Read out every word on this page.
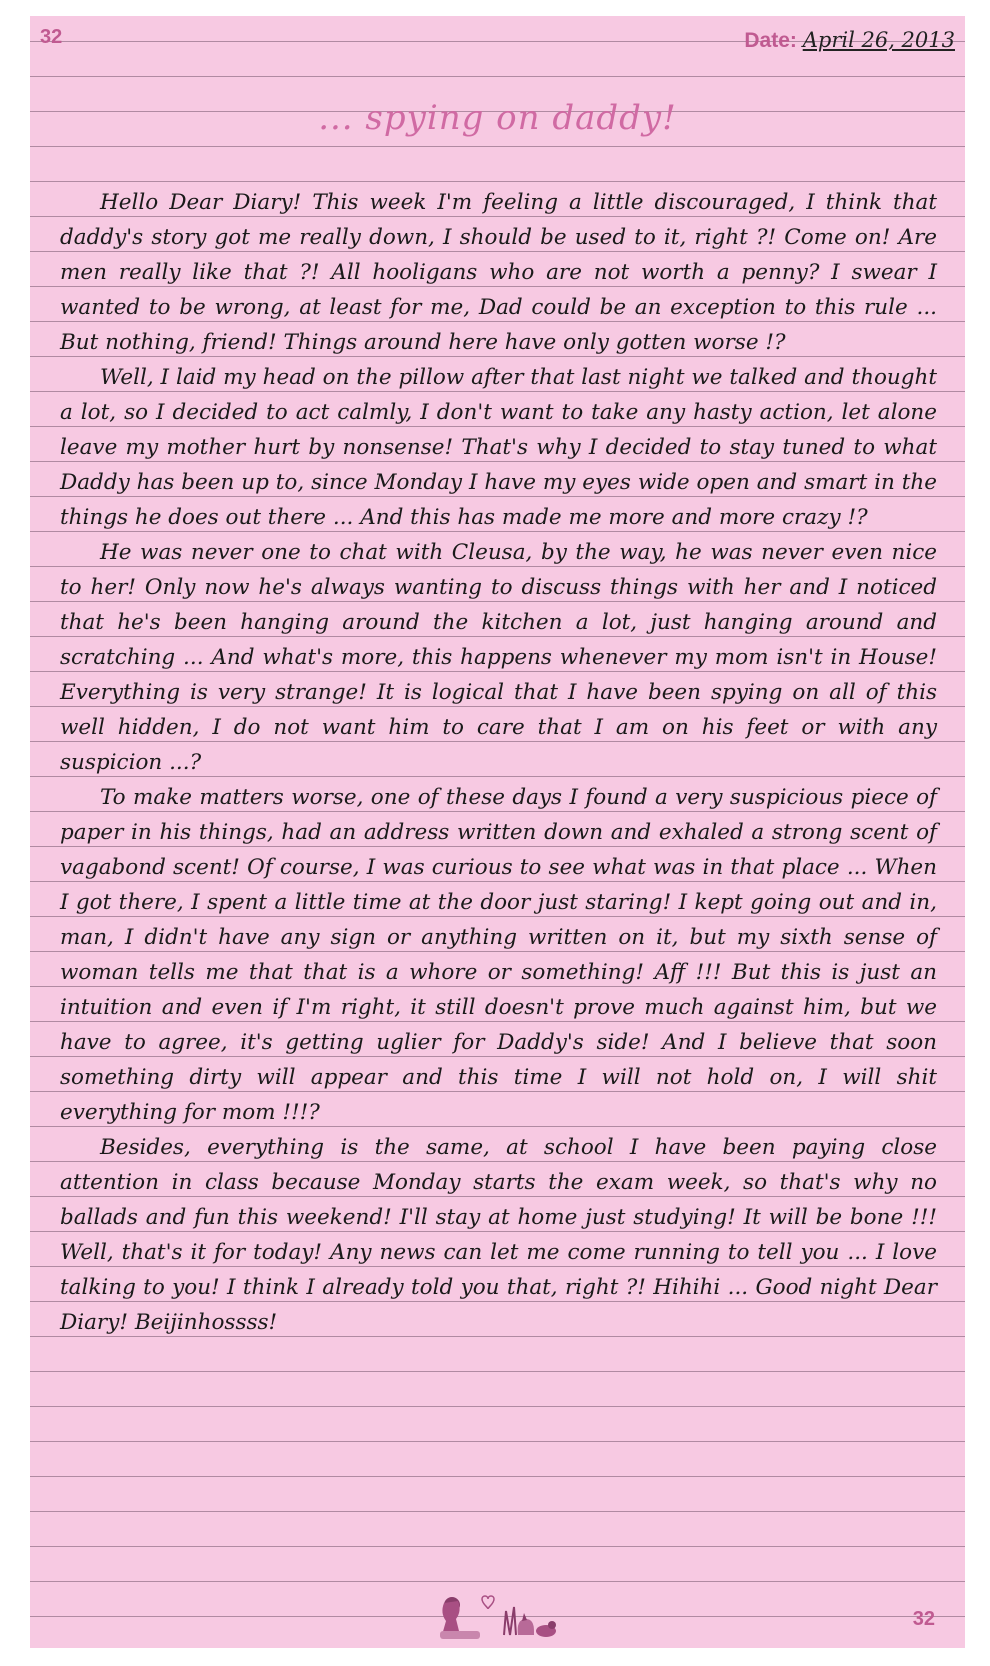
32	Date: April 26, 2013
... spying on daddy!

Hello Dear Diary! This week I'm feeling a little discouraged, I think that daddy's story got me really down, I should be used to it, right ?! Come on! Are men really like that ?! All hooligans who are not worth a penny? I swear I wanted to be wrong, at least for me, Dad could be an exception to this rule ... But nothing, friend! Things around here have only gotten worse !?

Well, I laid my head on the pillow after that last night we talked and thought a lot, so I decided to act calmly, I don't want to take any hasty action, let alone leave my mother hurt by nonsense! That's why I decided to stay tuned to what Daddy has been up to, since Monday I have my eyes wide open and smart in the things he does out there ... And this has made me more and more crazy !?

He was never one to chat with Cleusa, by the way, he was never even nice to her! Only now he's always wanting to discuss things with her and I noticed that he's been hanging around the kitchen a lot, just hanging around and scratching ... And what's more, this happens whenever my mom isn't in House! Everything is very strange! It is logical that I have been spying on all of this well hidden, I do not want him to care that I am on his feet or with any suspicion ...?

To make matters worse, one of these days I found a very suspicious piece of paper in his things, had an address written down and exhaled a strong scent of vagabond scent! Of course, I was curious to see what was in that place ... When I got there, I spent a little time at the door just staring! I kept going out and in, man, I didn't have any sign or anything written on it, but my sixth sense of woman tells me that that is a whore or something! Aff !!! But this is just an intuition and even if I'm right, it still doesn't prove much against him, but we have to agree, it's getting uglier for Daddy's side! And I believe that soon something dirty will appear and this time I will not hold on, I will shit everything for mom !!!?

Besides, everything is the same, at school I have been paying close attention in class because Monday starts the exam week, so that's why no ballads and fun this weekend! I'll stay at home just studying! It will be bone !!! Well, that's it for today! Any news can let me come running to tell you ... I love talking to you! I think I already told you that, right ?! Hihihi ... Good night Dear Diary! Beijinhossss!

32
